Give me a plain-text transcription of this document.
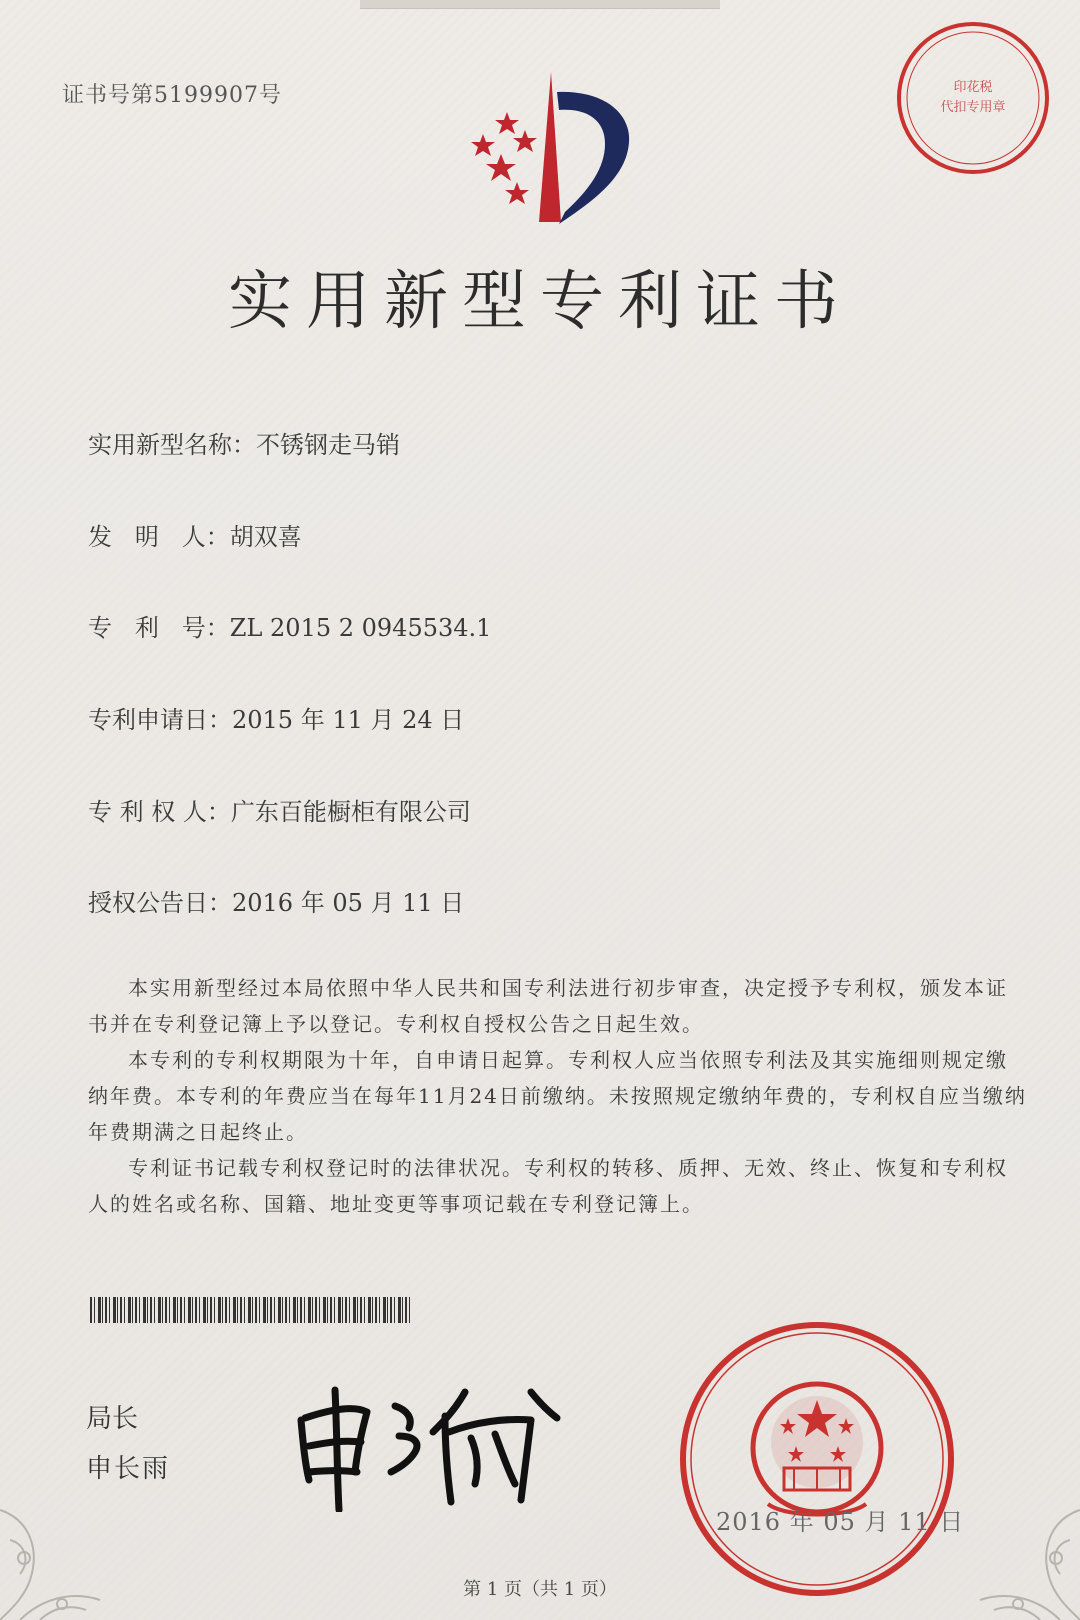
证书号第5199907号	印花税
代扣专用章
实用新型专利证书
实用新型名称：不锈钢走马销
发   明   人：胡双喜
专   利   号：ZL 2015 2 0945534.1
专利申请日：2015 年 11 月 24 日
专 利 权 人：广东百能橱柜有限公司
授权公告日：2016 年 05 月 11 日

本实用新型经过本局依照中华人民共和国专利法进行初步审查，决定授予专利权，颁发本证书并在专利登记簿上予以登记。专利权自授权公告之日起生效。

本专利的专利权期限为十年，自申请日起算。专利权人应当依照专利法及其实施细则规定缴纳年费。本专利的年费应当在每年11月24日前缴纳。未按照规定缴纳年费的，专利权自应当缴纳年费期满之日起终止。

专利证书记载专利权登记时的法律状况。专利权的转移、质押、无效、终止、恢复和专利权人的姓名或名称、国籍、地址变更等事项记载在专利登记簿上。

局长
申长雨
2016 年 05 月 11 日
第 1 页（共 1 页）
